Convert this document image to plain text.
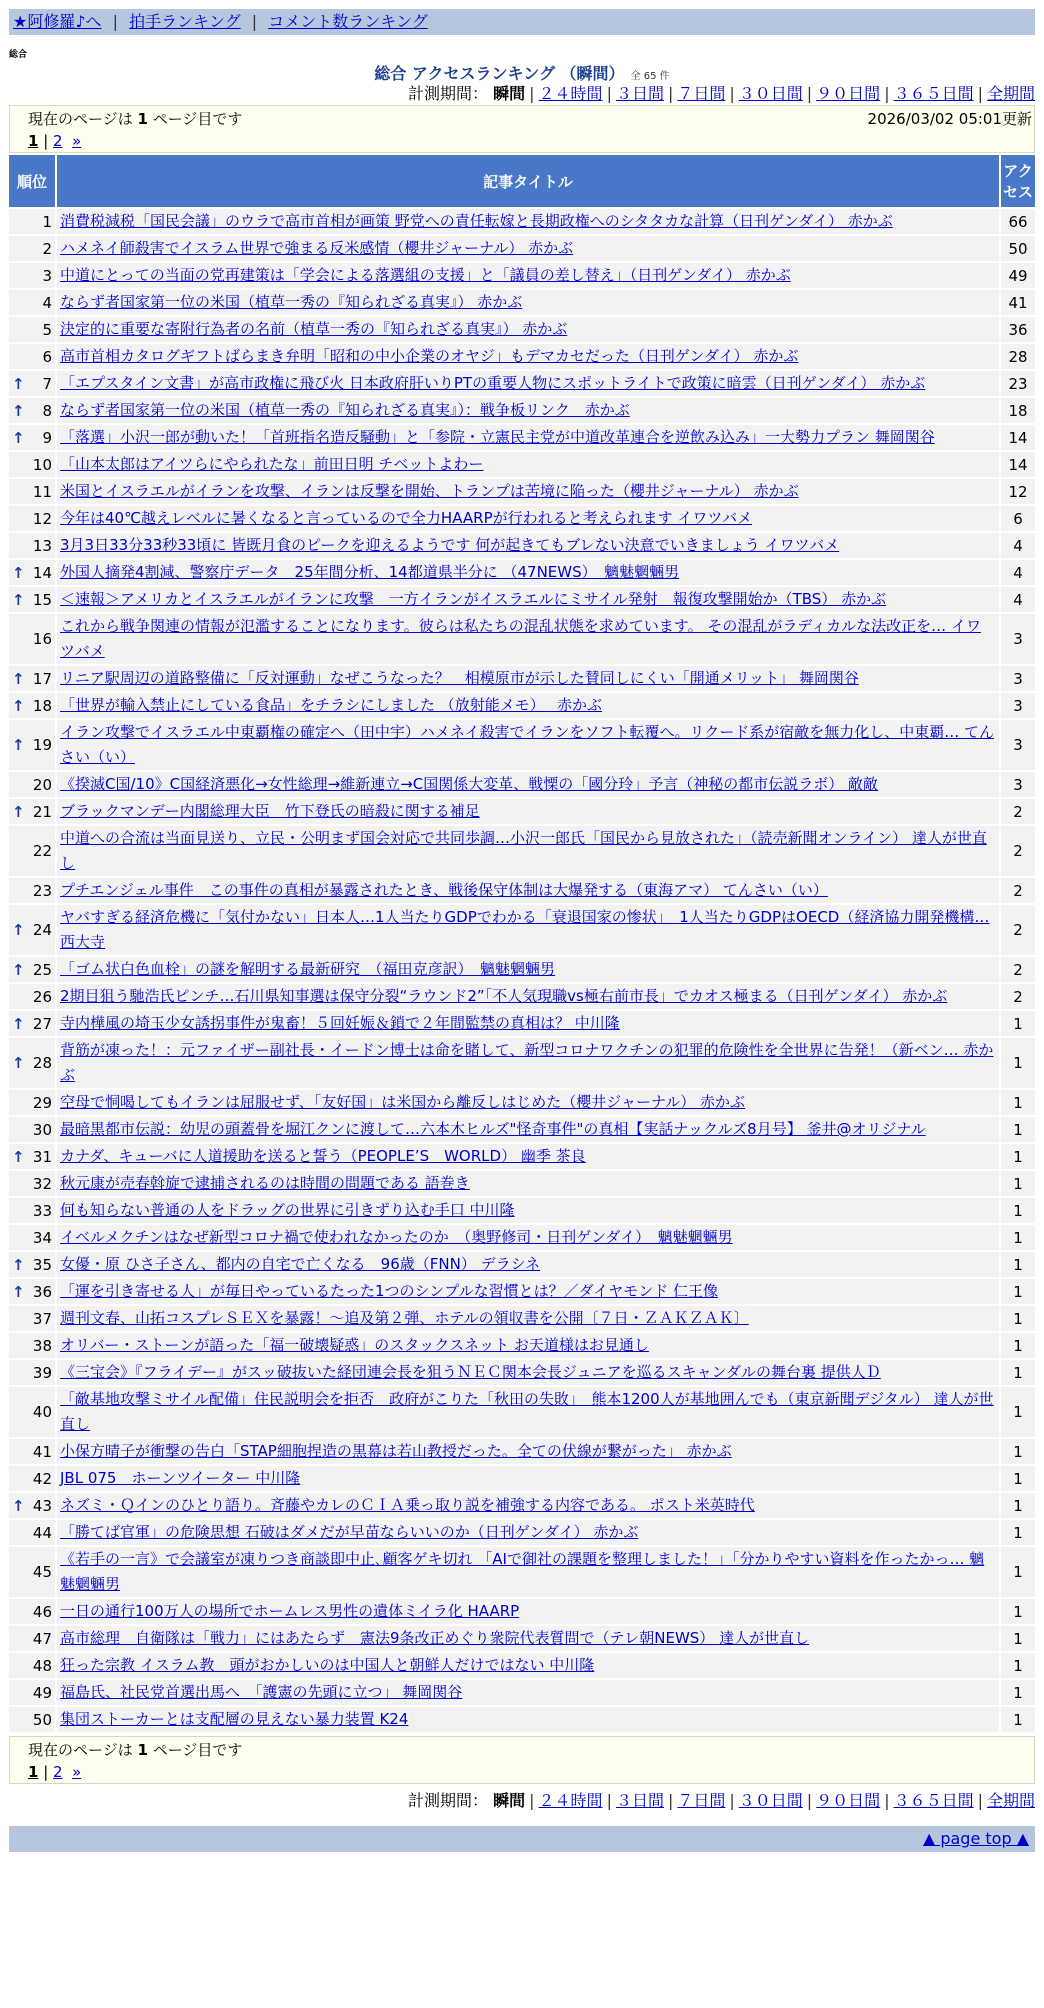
★阿修羅♪へ | 拍手ランキング | コメント数ランキング
総合
総合 アクセスランキング （瞬間） 全 65 件
計測期間： 瞬間 | ２４時間 | ３日間 | ７日間 | ３０日間 | ９０日間 | ３６５日間 | 全期間
現在のページは 1 ページ目です	2026/03/02 05:01更新
1 | 2 »
順位	記事タイトル	アクセス
1	消費税減税「国民会議」のウラで高市首相が画策 野党への責任転嫁と長期政権へのシタタカな計算（日刊ゲンダイ） 赤かぶ	66
2	ハメネイ師殺害でイスラム世界で強まる反米感情（櫻井ジャーナル） 赤かぶ	50
3	中道にとっての当面の党再建策は「学会による落選組の支援」と「議員の差し替え」（日刊ゲンダイ） 赤かぶ	49
4	ならず者国家第一位の米国（植草一秀の『知られざる真実』） 赤かぶ	41
5	決定的に重要な寄附行為者の名前（植草一秀の『知られざる真実』） 赤かぶ	36
6	高市首相カタログギフトばらまき弁明「昭和の中小企業のオヤジ」もデマカセだった（日刊ゲンダイ） 赤かぶ	28

↑ 7	「エプスタイン文書」が高市政権に飛び火 日本政府肝いりPTの重要人物にスポットライトで政策に暗雲（日刊ゲンダイ） 赤かぶ	23

↑ 8	ならず者国家第一位の米国（植草一秀の『知られざる真実』）：戦争板リンク　赤かぶ	18

↑ 9	「落選」小沢一郎が動いた！「首班指名造反騒動」と「参院・立憲民主党が中道改革連合を逆飲み込み」一大勢力プラン 舞岡関谷	14
10	「山本太郎はアイツらにやられたな」前田日明 チベットよわー	14
11	米国とイスラエルがイランを攻撃、イランは反撃を開始、トランプは苦境に陥った（櫻井ジャーナル） 赤かぶ	12
12	今年は40℃越えレベルに暑くなると言っているので全力HAARPが行われると考えられます イワツバメ	6
13	3月3日33分33秒33頃に 皆既月食のピークを迎えるようです 何が起きてもブレない決意でいきましょう イワツバメ	4

↑ 14	外国人摘発4割減、警察庁データ　25年間分析、14都道県半分に （47NEWS）　魑魅魍魎男	4

↑ 15	＜速報＞アメリカとイスラエルがイランに攻撃　一方イランがイスラエルにミサイル発射　報復攻撃開始か（TBS） 赤かぶ	4
16	これから戦争関連の情報が氾濫することになります。彼らは私たちの混乱状態を求めています。 その混乱がラディカルな法改正を… イワツバメ	3

↑ 17	リニア駅周辺の道路整備に「反対運動」なぜこうなった？　相模原市が示した賛同しにくい「開通メリット」 舞岡関谷	3

↑ 18	「世界が輸入禁止にしている食品」をチラシにしました （放射能メモ）　 赤かぶ	3

↑ 19	イラン攻撃でイスラエル中東覇権の確定へ（田中宇）ハメネイ殺害でイランをソフト転覆へ。リクード系が宿敵を無力化し、中東覇… てんさい（い）	3
20	《揆滅C国/10》C国経済悪化→女性総理→維新連立→C国関係大変革、戦慄の「國分玲」予言（神秘の都市伝説ラボ） 敵敵	3

↑ 21	ブラックマンデー内閣総理大臣　竹下登氏の暗殺に関する補足	2
22	中道への合流は当面見送り、立民・公明まず国会対応で共同歩調…小沢一郎氏「国民から見放された」（読売新聞オンライン） 達人が世直し	2
23	プチエンジェル事件　この事件の真相が暴露されたとき、戦後保守体制は大爆発する（東海アマ） てんさい（い）	2

↑ 24	ヤバすぎる経済危機に「気付かない」日本人…1人当たりGDPでわかる「衰退国家の惨状」　1人当たりGDPはOECD（経済協力開発機構… 西大寺	2

↑ 25	「ゴム状白色血栓」の謎を解明する最新研究　（福田克彦訳）　魑魅魍魎男	2
26	2期目狙う馳浩氏ピンチ…石川県知事選は保守分裂“ラウンド2”「不人気現職vs極右前市長」でカオス極まる（日刊ゲンダイ） 赤かぶ	2

↑ 27	寺内樺風の埼玉少女誘拐事件が鬼畜！５回妊娠＆鎖で２年間監禁の真相は？ 中川隆	1

↑ 28	背筋が凍った！：元ファイザー副社長・イードン博士は命を賭して、新型コロナワクチンの犯罪的危険性を全世界に告発！（新ベン… 赤かぶ	1
29	空母で恫喝してもイランは屈服せず、「友好国」は米国から離反しはじめた（櫻井ジャーナル） 赤かぶ	1
30	最暗黒都市伝説：幼児の頭蓋骨を堀江クンに渡して…六本木ヒルズ"怪奇事件"の真相【実話ナックルズ8月号】 釜井@オリジナル	1

↑ 31	カナダ、キューバに人道援助を送ると誓う（PEOPLE’S　WORLD） 幽季 茶良	1
32	秋元康が売春斡旋で逮捕されるのは時間の問題である 語巻き	1
33	何も知らない普通の人をドラッグの世界に引きずり込む手口 中川隆	1
34	イベルメクチンはなぜ新型コロナ禍で使われなかったのか　（奥野修司・日刊ゲンダイ）　魑魅魍魎男	1

↑ 35	女優・原 ひさ子さん、都内の自宅で亡くなる　96歳（FNN） デラシネ	1

↑ 36	「運を引き寄せる人」が毎日やっているたった1つのシンプルな習慣とは？／ダイヤモンド 仁王像	1
37	週刊文春、山拓コスプレＳＥＸを暴露！～追及第２弾、ホテルの領収書を公開〔７日・ＺＡＫＺＡＫ〕	1
38	オリバー・ストーンが語った「福一破壊疑惑」のスタックスネット お天道様はお見通し	1
39	《三宝会》『フライデー』がスッ破抜いた経団連会長を狙うＮＥＣ関本会長ジュニアを巡るスキャンダルの舞台裏 提供人Ｄ	1
40	「敵基地攻撃ミサイル配備」住民説明会を拒否　政府がこりた「秋田の失敗」　熊本1200人が基地囲んでも（東京新聞デジタル） 達人が世直し	1
41	小保方晴子が衝撃の告白「STAP細胞捏造の黒幕は若山教授だった。全ての伏線が繋がった」 赤かぶ	1
42	JBL 075　ホーンツイーター 中川隆	1

↑ 43	ネズミ・Ｑインのひとり語り。斉藤やカレのＣＩＡ乗っ取り説を補強する内容である。 ポスト米英時代	1
44	「勝てば官軍」の危険思想 石破はダメだが早苗ならいいのか（日刊ゲンダイ） 赤かぶ	1
45	《若手の一言》で会議室が凍りつき商談即中止､顧客ゲキ切れ 「AIで御社の課題を整理しました！｣「分かりやすい資料を作ったかっ… 魑魅魍魎男	1
46	一日の通行100万人の場所でホームレス男性の遺体ミイラ化 HAARP	1
47	高市総理　自衛隊は「戦力」にはあたらず　憲法9条改正めぐり衆院代表質問で（テレ朝NEWS） 達人が世直し	1
48	狂った宗教 イスラム教　頭がおかしいのは中国人と朝鮮人だけではない 中川隆	1
49	福島氏、社民党首選出馬へ　「護憲の先頭に立つ」 舞岡関谷	1
50	集団ストーカーとは支配層の見えない暴力装置 K24	1
現在のページは 1 ページ目です
1 | 2 »
計測期間： 瞬間 | ２４時間 | ３日間 | ７日間 | ３０日間 | ９０日間 | ３６５日間 | 全期間
▲ page top ▲
